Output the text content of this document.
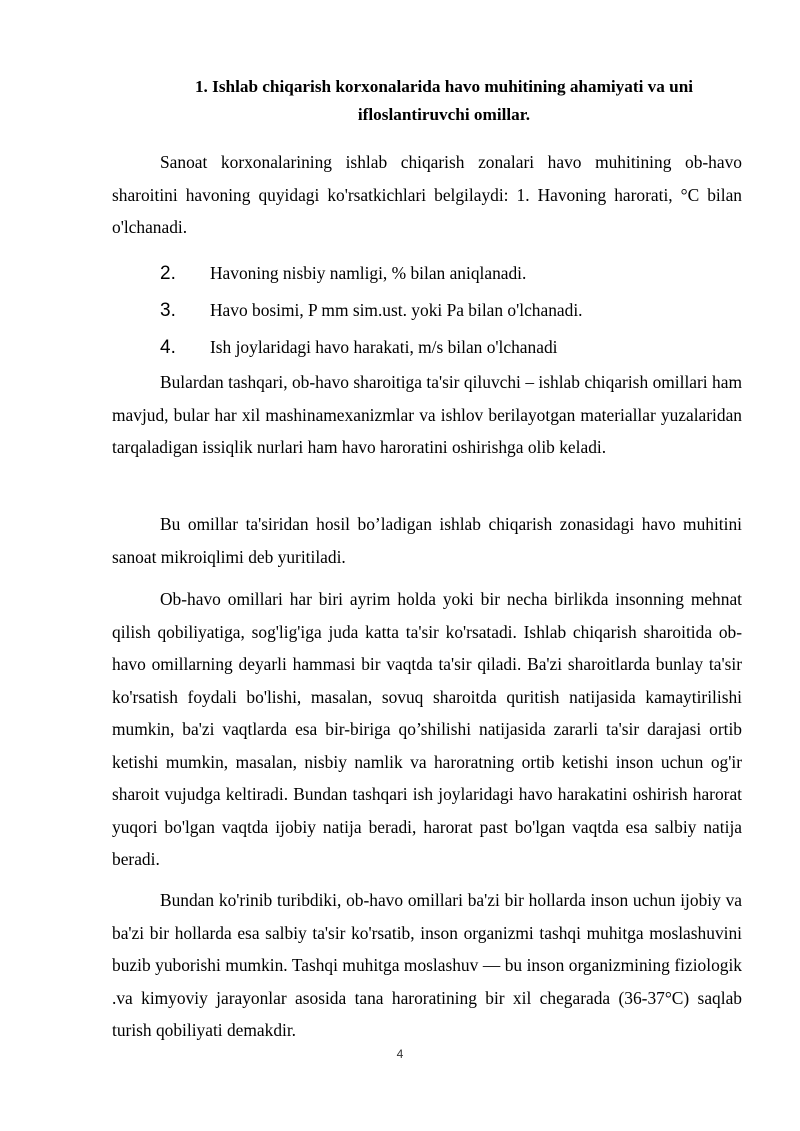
1. Ishlab chiqarish korxonalarida havo muhitining ahamiyati va uni
ifloslantiruvchi omillar.

Sanoat korxonalarining ishlab chiqarish zonalari havo muhitining ob-havo sharoitini havoning quyidagi ko'rsatkichlari belgilaydi: 1. Havoning harorati, °C bilan o'lchanadi.

2. Havoning nisbiy namligi, % bilan aniqlanadi.
3. Havo bosimi, P mm sim.ust. yoki Pa bilan o'lchanadi.
4. Ish joylaridagi havo harakati, m/s bilan o'lchanadi

Bulardan tashqari, ob-havo sharoitiga ta'sir qiluvchi – ishlab chiqarish omillari ham mavjud, bular har xil mashinamexanizmlar va ishlov berilayotgan materiallar yuzalaridan tarqaladigan issiqlik nurlari ham havo haroratini oshirishga olib keladi.

Bu omillar ta'siridan hosil bo’ladigan ishlab chiqarish zonasidagi havo muhitini sanoat mikroiqlimi deb yuritiladi.

Ob-havo omillari har biri ayrim holda yoki bir necha birlikda insonning mehnat qilish qobiliyatiga, sog'lig'iga juda katta ta'sir ko'rsatadi. Ishlab chiqarish sharoitida ob-havo omillarning deyarli hammasi bir vaqtda ta'sir qiladi. Ba'zi sharoitlarda bunlay ta'sir ko'rsatish foydali bo'lishi, masalan, sovuq sharoitda quritish natijasida kamaytirilishi mumkin, ba'zi vaqtlarda esa bir-biriga qo’shilishi natijasida zararli ta'sir darajasi ortib ketishi mumkin, masalan, nisbiy namlik va haroratning ortib ketishi inson uchun og'ir sharoit vujudga keltiradi. Bundan tashqari ish joylaridagi havo harakatini oshirish harorat yuqori bo'lgan vaqtda ijobiy natija beradi, harorat past bo'lgan vaqtda esa salbiy natija beradi.

Bundan ko'rinib turibdiki, ob-havo omillari ba'zi bir hollarda inson uchun ijobiy va ba'zi bir hollarda esa salbiy ta'sir ko'rsatib, inson organizmi tashqi muhitga moslashuvini buzib yuborishi mumkin. Tashqi muhitga moslashuv — bu inson organizmining fiziologik .va kimyoviy jarayonlar asosida tana haroratining bir xil chegarada (36-37°C) saqlab turish qobiliyati demakdir.

4
